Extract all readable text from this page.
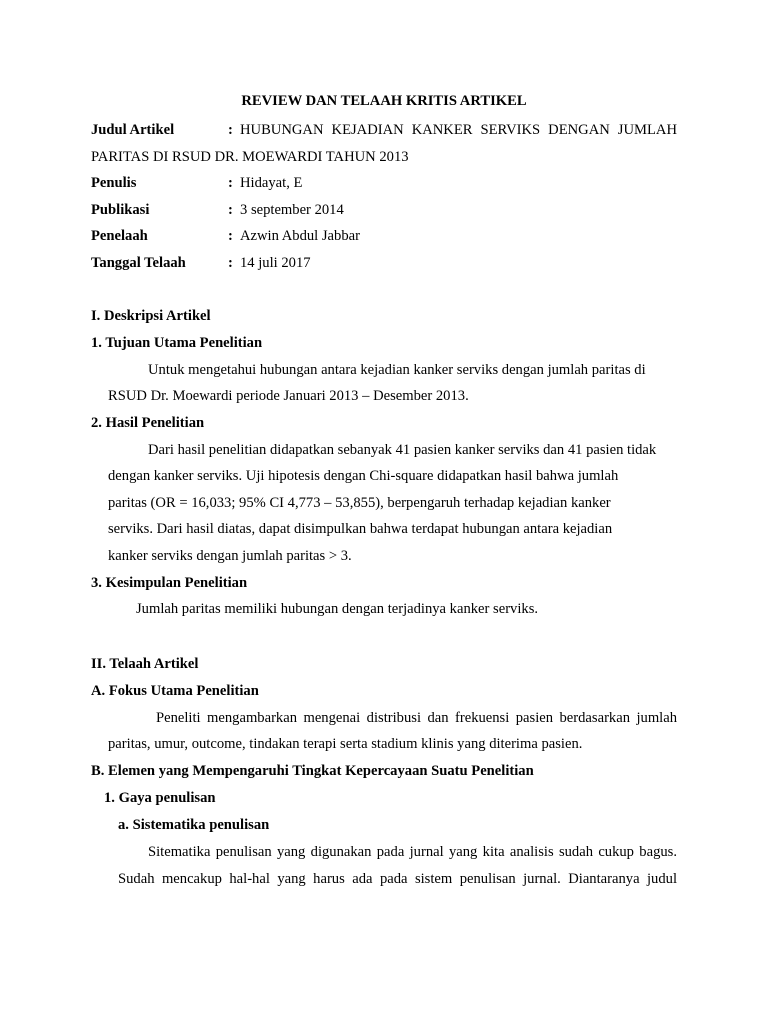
REVIEW DAN TELAAH KRITIS ARTIKEL
Judul Artikel	: HUBUNGAN KEJADIAN KANKER SERVIKS DENGAN JUMLAH
PARITAS DI RSUD DR. MOEWARDI TAHUN 2013
Penulis	: Hidayat, E
Publikasi	: 3 september 2014
Penelaah	: Azwin Abdul Jabbar
Tanggal Telaah	: 14 juli 2017
I. Deskripsi Artikel
1. Tujuan Utama Penelitian
Untuk mengetahui hubungan antara kejadian kanker serviks dengan jumlah paritas di
RSUD Dr. Moewardi periode Januari 2013 – Desember 2013.
2. Hasil Penelitian
Dari hasil penelitian didapatkan sebanyak 41 pasien kanker serviks dan 41 pasien tidak
dengan kanker serviks. Uji hipotesis dengan Chi-square didapatkan hasil bahwa jumlah
paritas (OR = 16,033; 95% CI 4,773 – 53,855), berpengaruh terhadap kejadian kanker
serviks. Dari hasil diatas, dapat disimpulkan bahwa terdapat hubungan antara kejadian
kanker serviks dengan jumlah paritas > 3.
3. Kesimpulan Penelitian
Jumlah paritas memiliki hubungan dengan terjadinya kanker serviks.
II. Telaah Artikel
A. Fokus Utama Penelitian
Peneliti mengambarkan mengenai distribusi dan frekuensi pasien berdasarkan jumlah
paritas, umur, outcome, tindakan terapi serta stadium klinis yang diterima pasien.
B. Elemen yang Mempengaruhi Tingkat Kepercayaan Suatu Penelitian
1. Gaya penulisan
a. Sistematika penulisan
Sitematika penulisan yang digunakan pada jurnal yang kita analisis sudah cukup bagus.
Sudah mencakup hal-hal yang harus ada pada sistem penulisan jurnal. Diantaranya judul
